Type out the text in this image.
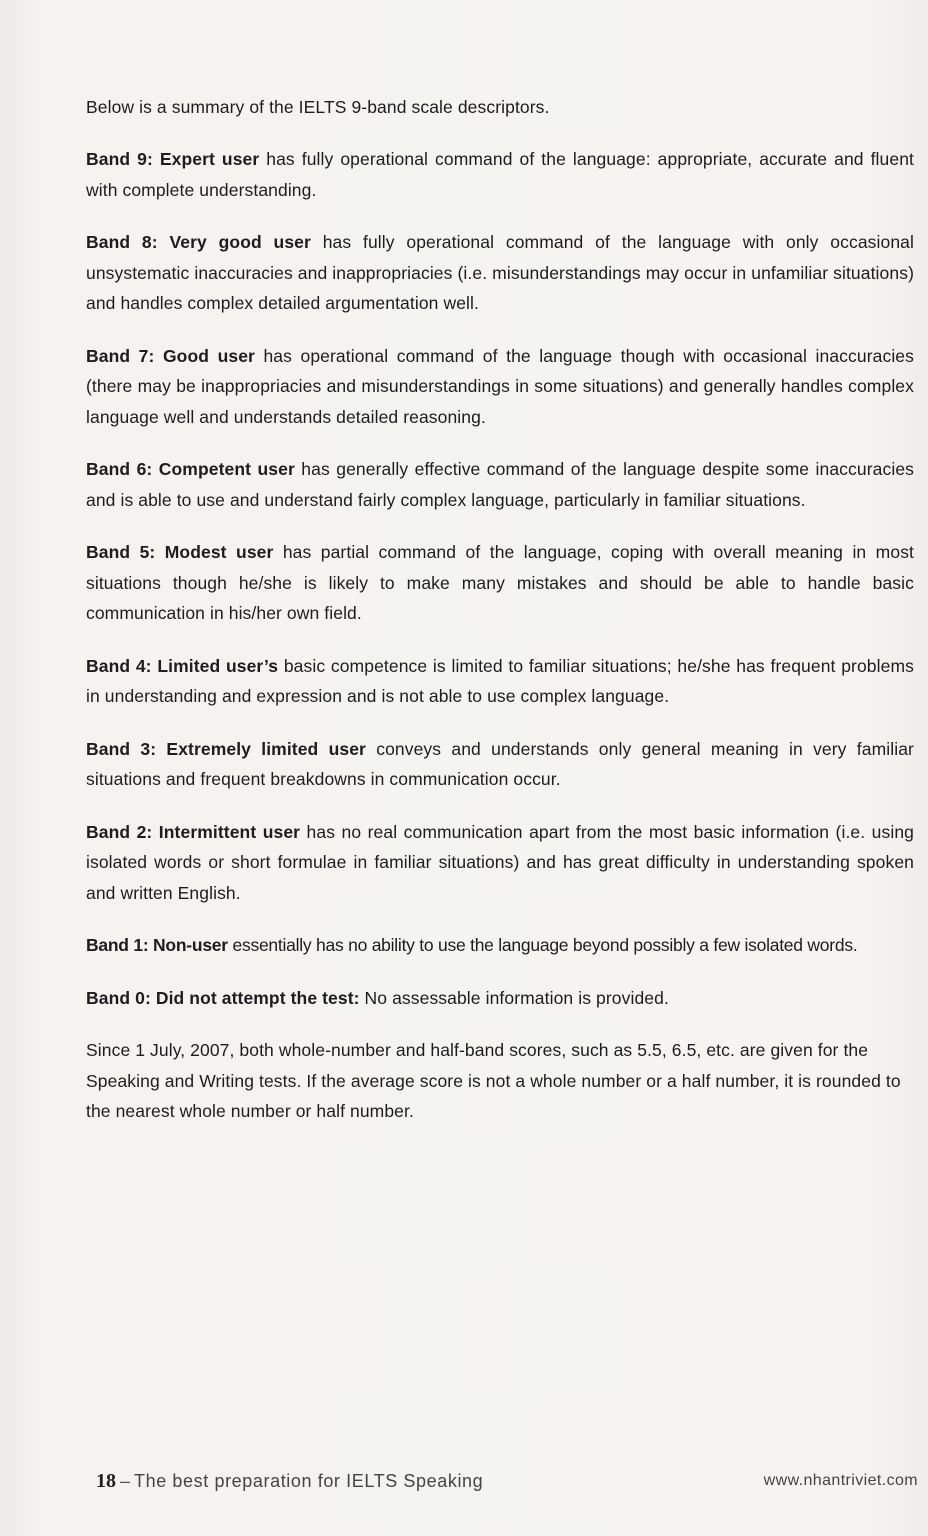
Below is a summary of the IELTS 9-band scale descriptors.

Band 9: Expert user has fully operational command of the language: appropriate, accurate and fluent with complete understanding.

Band 8: Very good user has fully operational command of the language with only occasional unsystematic inaccuracies and inappropriacies (i.e. misunderstandings may occur in unfamiliar situations) and handles complex detailed argumentation well.

Band 7: Good user has operational command of the language though with occasional inaccuracies (there may be inappropriacies and misunderstandings in some situations) and generally handles complex language well and understands detailed reasoning.

Band 6: Competent user has generally effective command of the language despite some inaccuracies and is able to use and understand fairly complex language, particularly in familiar situations.

Band 5: Modest user has partial command of the language, coping with overall meaning in most situations though he/she is likely to make many mistakes and should be able to handle basic communication in his/her own field.

Band 4: Limited user’s basic competence is limited to familiar situations; he/she has frequent problems in understanding and expression and is not able to use complex language.

Band 3: Extremely limited user conveys and understands only general meaning in very familiar situations and frequent breakdowns in communication occur.

Band 2: Intermittent user has no real communication apart from the most basic information (i.e. using isolated words or short formulae in familiar situations) and has great difficulty in understanding spoken and written English.

Band 1: Non-user essentially has no ability to use the language beyond possibly a few isolated words.

Band 0: Did not attempt the test: No assessable information is provided.

Since 1 July, 2007, both whole-number and half-band scores, such as 5.5, 6.5, etc. are given for the Speaking and Writing tests. If the average score is not a whole number or a half number, it is rounded to the nearest whole number or half number.

18 – The best preparation for IELTS Speaking	www.nhantriviet.com
